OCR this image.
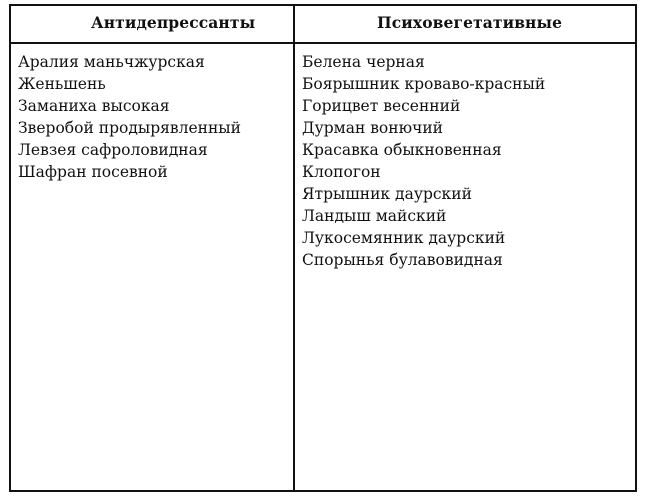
Антидепрессанты
Аралия маньчжурская
Женьшень
Заманиха высокая
Зверобой продырявленный
Левзея сафроловидная
Шафран посевной
Психовегетативные
Белена черная
Боярышник кроваво-красный
Горицвет весенний
Дурман вонючий
Красавка обыкновенная
Клопогон
Ятрышник даурский
Ландыш майский
Лукосемянник даурский
Спорынья булавовидная
